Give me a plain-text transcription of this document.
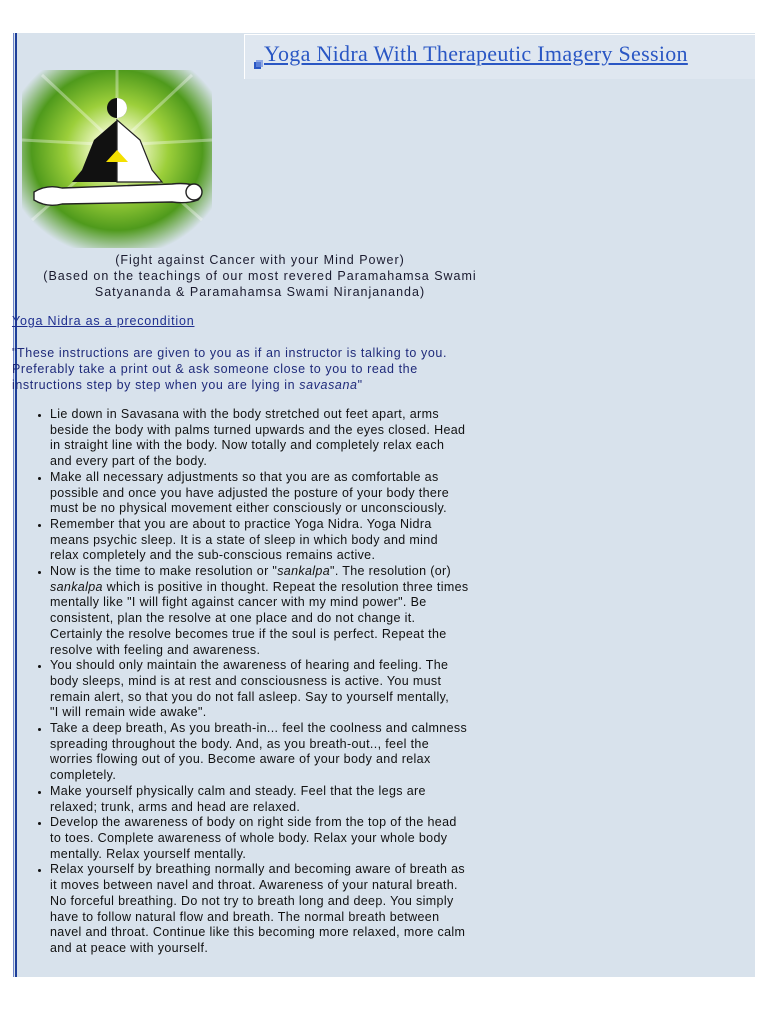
Yoga Nidra With Therapeutic Imagery Session
(Fight against Cancer with your Mind Power)
(Based on the teachings of our most revered Paramahamsa Swami
Satyananda & Paramahamsa Swami Niranjananda)
Yoga Nidra as a precondition
"These instructions are given to you as if an instructor is talking to you.
Preferably take a print out & ask someone close to you to read the
instructions step by step when you are lying in savasana"
• Lie down in Savasana with the body stretched out feet apart, arms
beside the body with palms turned upwards and the eyes closed. Head
in straight line with the body. Now totally and completely relax each
and every part of the body.
• Make all necessary adjustments so that you are as comfortable as
possible and once you have adjusted the posture of your body there
must be no physical movement either consciously or unconsciously.
• Remember that you are about to practice Yoga Nidra. Yoga Nidra
means psychic sleep. It is a state of sleep in which body and mind
relax completely and the sub-conscious remains active.
• Now is the time to make resolution or "sankalpa". The resolution (or)
sankalpa which is positive in thought. Repeat the resolution three times
mentally like "I will fight against cancer with my mind power". Be
consistent, plan the resolve at one place and do not change it.
Certainly the resolve becomes true if the soul is perfect. Repeat the
resolve with feeling and awareness.
• You should only maintain the awareness of hearing and feeling. The
body sleeps, mind is at rest and consciousness is active. You must
remain alert, so that you do not fall asleep. Say to yourself mentally,
"I will remain wide awake".
• Take a deep breath, As you breath-in... feel the coolness and calmness
spreading throughout the body. And, as you breath-out.., feel the
worries flowing out of you. Become aware of your body and relax
completely.
• Make yourself physically calm and steady. Feel that the legs are
relaxed; trunk, arms and head are relaxed.
• Develop the awareness of body on right side from the top of the head
to toes. Complete awareness of whole body. Relax your whole body
mentally. Relax yourself mentally.
• Relax yourself by breathing normally and becoming aware of breath as
it moves between navel and throat. Awareness of your natural breath.
No forceful breathing. Do not try to breath long and deep. You simply
have to follow natural flow and breath. The normal breath between
navel and throat. Continue like this becoming more relaxed, more calm
and at peace with yourself.
